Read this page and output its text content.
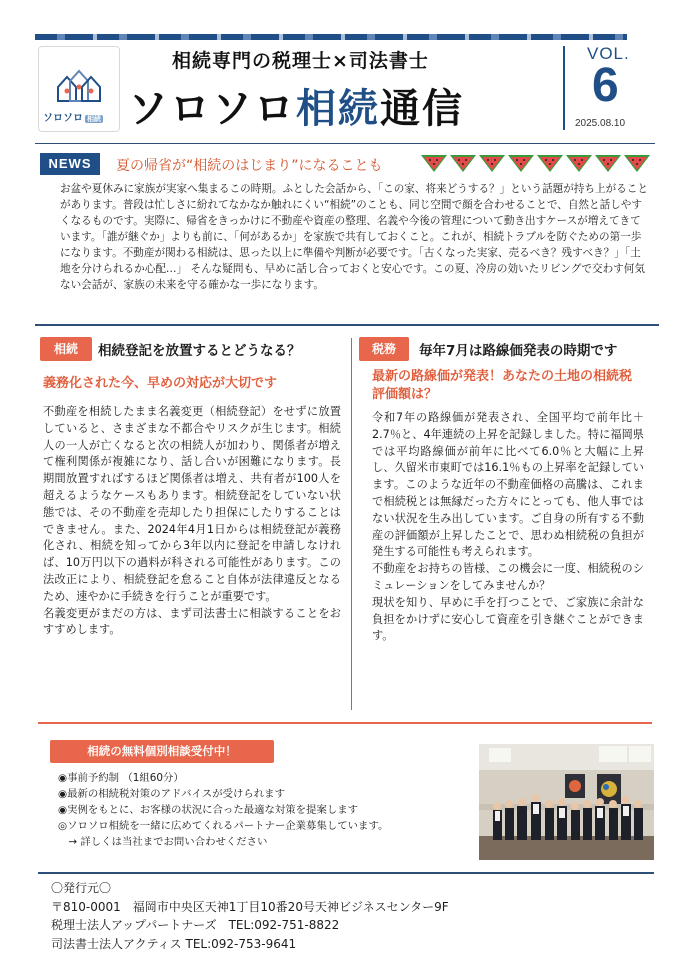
ソロソロ 相続
相続専門の税理士×司法書士
ソロソロ相続通信
VOL.
6
2025.08.10
NEWS	夏の帰省が“相続のはじまり”になることも

お盆や夏休みに家族が実家へ集まるこの時期。ふとした会話から、「この家、将来どうする？」という話題が持ち上がることがあります。普段は忙しさに紛れてなかなか触れにくい“相続”のことも、同じ空間で顔を合わせることで、自然と話しやすくなるものです。実際に、帰省をきっかけに不動産や資産の整理、名義や今後の管理について動き出すケースが増えてきています。「誰が継ぐか」よりも前に、「何があるか」を家族で共有しておくこと。これが、相続トラブルを防ぐための第一歩になります。不動産が関わる相続は、思った以上に準備や判断が必要です。「古くなった実家、売るべき？残すべき？」「土地を分けられるか心配…」 そんな疑問も、早めに話し合っておくと安心です。この夏、冷房の効いたリビングで交わす何気ない会話が、家族の未来を守る確かな一歩になります。

相続	相続登記を放置するとどうなる？	税務	毎年7月は路線価発表の時期です
義務化された今、早めの対応が大切です	最新の路線価が発表！あなたの土地の相続税評価額は？

不動産を相続したまま名義変更（相続登記）をせずに放置していると、さまざまな不都合やリスクが生じます。相続人の一人が亡くなると次の相続人が加わり、関係者が増えて権利関係が複雑になり、話し合いが困難になります。長期間放置すればするほど関係者は増え、共有者が100人を超えるようなケースもあります。相続登記をしていない状態では、その不動産を売却したり担保にしたりすることはできません。また、2024年4月1日からは相続登記が義務化され、相続を知ってから3年以内に登記を申請しなければ、10万円以下の過料が科される可能性があります。この法改正により、相続登記を怠ること自体が法律違反となるため、速やかに手続きを行うことが重要です。
名義変更がまだの方は、まず司法書士に相談することをおすすめします。

令和7年の路線価が発表され、全国平均で前年比＋2.7％と、4年連続の上昇を記録しました。特に福岡県では平均路線価が前年に比べて6.0％と大幅に上昇し、久留米市東町では16.1％もの上昇率を記録しています。このような近年の不動産価格の高騰は、これまで相続税とは無縁だった方々にとっても、他人事ではない状況を生み出しています。ご自身の所有する不動産の評価額が上昇したことで、思わぬ相続税の負担が発生する可能性も考えられます。
不動産をお持ちの皆様、この機会に一度、相続税のシミュレーションをしてみませんか？
現状を知り、早めに手を打つことで、ご家族に余計な負担をかけずに安心して資産を引き継ぐことができます。

相続の無料個別相談受付中！
◉事前予約制 （1組60分）
◉最新の相続税対策のアドバイスが受けられます
◉実例をもとに、お客様の状況に合った最適な対策を提案します
◎ソロソロ相続を一緒に広めてくれるパートナー企業募集しています。
　→ 詳しくは当社までお問い合わせください
〇発行元〇
〒810-0001　福岡市中央区天神1丁目10番20号天神ビジネスセンター9F
税理士法人アップパートナーズ　TEL:092-751-8822
司法書士法人アクティス TEL:092-753-9641
